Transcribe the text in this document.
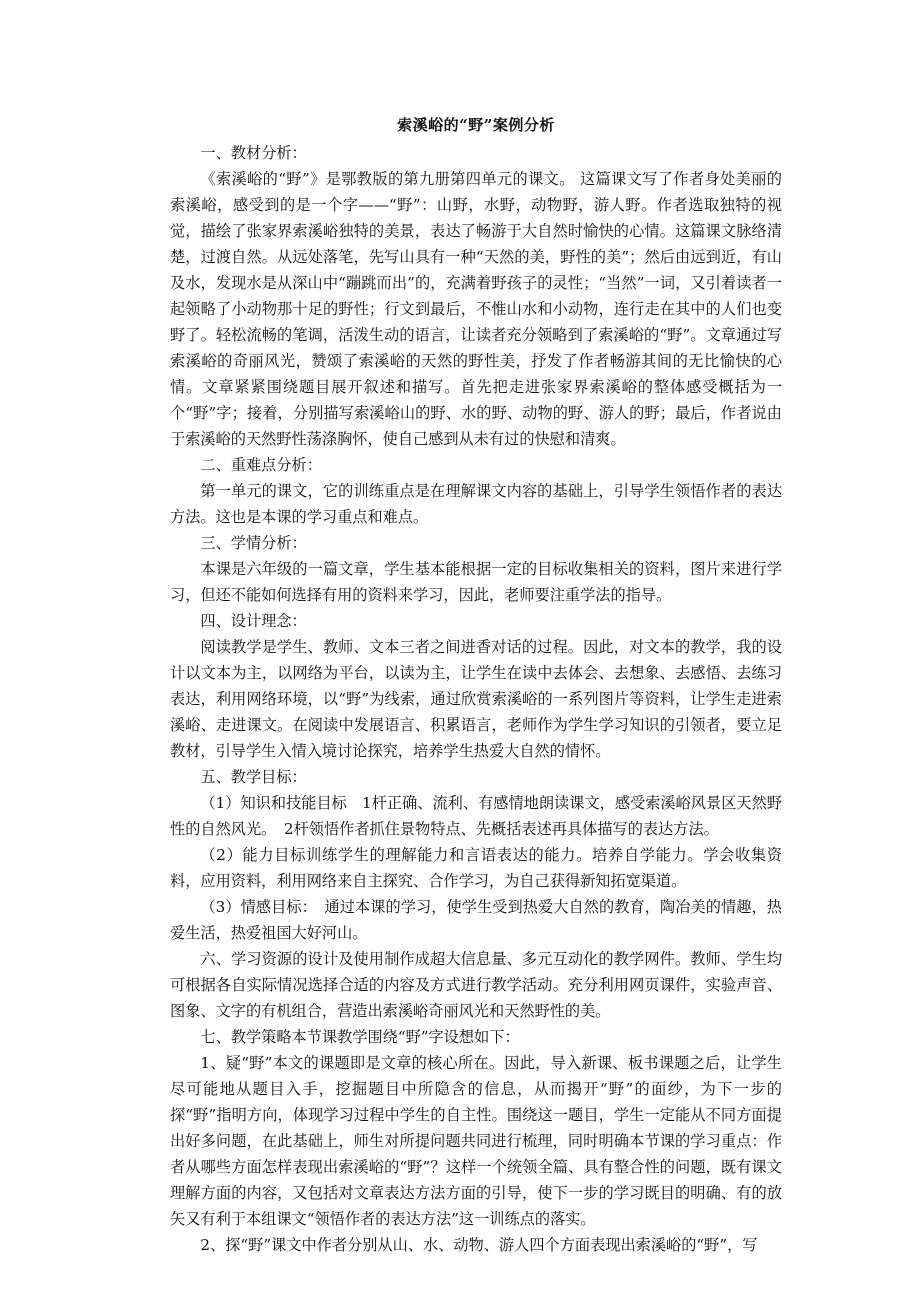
索溪峪的“野”案例分析

一、教材分析：

《索溪峪的“野”》是鄂教版的第九册第四单元的课文。 这篇课文写了作者身处美丽的索溪峪，感受到的是一个字——“野”：山野，水野，动物野，游人野。作者选取独特的视觉，描绘了张家界索溪峪独特的美景，表达了畅游于大自然时愉快的心情。这篇课文脉络清楚，过渡自然。从远处落笔，先写山具有一种“天然的美，野性的美”；然后由远到近，有山及水，发现水是从深山中“蹦跳而出”的，充满着野孩子的灵性；“当然”一词，又引着读者一起领略了小动物那十足的野性；行文到最后，不惟山水和小动物，连行走在其中的人们也变野了。轻松流畅的笔调，活泼生动的语言，让读者充分领略到了索溪峪的“野”。文章通过写索溪峪的奇丽风光，赞颂了索溪峪的天然的野性美，抒发了作者畅游其间的无比愉快的心情。文章紧紧围绕题目展开叙述和描写。首先把走进张家界索溪峪的整体感受概括为一个“野”字；接着，分别描写索溪峪山的野、水的野、动物的野、游人的野；最后，作者说由于索溪峪的天然野性荡涤胸怀，使自己感到从未有过的快慰和清爽。

二、重难点分析：

第一单元的课文，它的训练重点是在理解课文内容的基础上，引导学生领悟作者的表达方法。这也是本课的学习重点和难点。

三、学情分析：

本课是六年级的一篇文章，学生基本能根据一定的目标收集相关的资料，图片来进行学习，但还不能如何选择有用的资料来学习，因此，老师要注重学法的指导。

四、设计理念：

阅读教学是学生、教师、文本三者之间进香对话的过程。因此，对文本的教学，我的设计以文本为主，以网络为平台，以读为主，让学生在读中去体会、去想象、去感悟、去练习表达，利用网络环境，以“野”为线索，通过欣赏索溪峪的一系列图片等资料，让学生走进索溪峪、走进课文。在阅读中发展语言、积累语言，老师作为学生学习知识的引领者，要立足教材，引导学生入情入境讨论探究，培养学生热爱大自然的情怀。

五、教学目标：

（1）知识和技能目标　1杆正确、流利、有感情地朗读课文，感受索溪峪风景区天然野性的自然风光。　2杆领悟作者抓住景物特点、先概括表述再具体描写的表达方法。

（2）能力目标训练学生的理解能力和言语表达的能力。培养自学能力。学会收集资料，应用资料，利用网络来自主探究、合作学习，为自己获得新知拓宽渠道。

（3）情感目标：　通过本课的学习，使学生受到热爱大自然的教育，陶冶美的情趣，热爱生活，热爱祖国大好河山。

六、学习资源的设计及使用制作成超大信息量、多元互动化的教学网件。教师、学生均可根据各自实际情况选择合适的内容及方式进行教学活动。充分利用网页课件，实验声音、图象、文字的有机组合，营造出索溪峪奇丽风光和天然野性的美。

七、教学策略本节课教学围绕“野”字设想如下：

1、疑“野”本文的课题即是文章的核心所在。因此，导入新课、板书课题之后，让学生尽可能地从题目入手，挖掘题目中所隐含的信息，从而揭开“野”的面纱，为下一步的探“野”指明方向，体现学习过程中学生的自主性。围绕这一题目，学生一定能从不同方面提出好多问题，在此基础上，师生对所提问题共同进行梳理，同时明确本节课的学习重点：作者从哪些方面怎样表现出索溪峪的“野”？这样一个统领全篇、具有整合性的问题，既有课文理解方面的内容，又包括对文章表达方法方面的引导，使下一步的学习既目的明确、有的放矢又有利于本组课文“领悟作者的表达方法”这一训练点的落实。

2、探“野”课文中作者分别从山、水、动物、游人四个方面表现出索溪峪的“野”，写
